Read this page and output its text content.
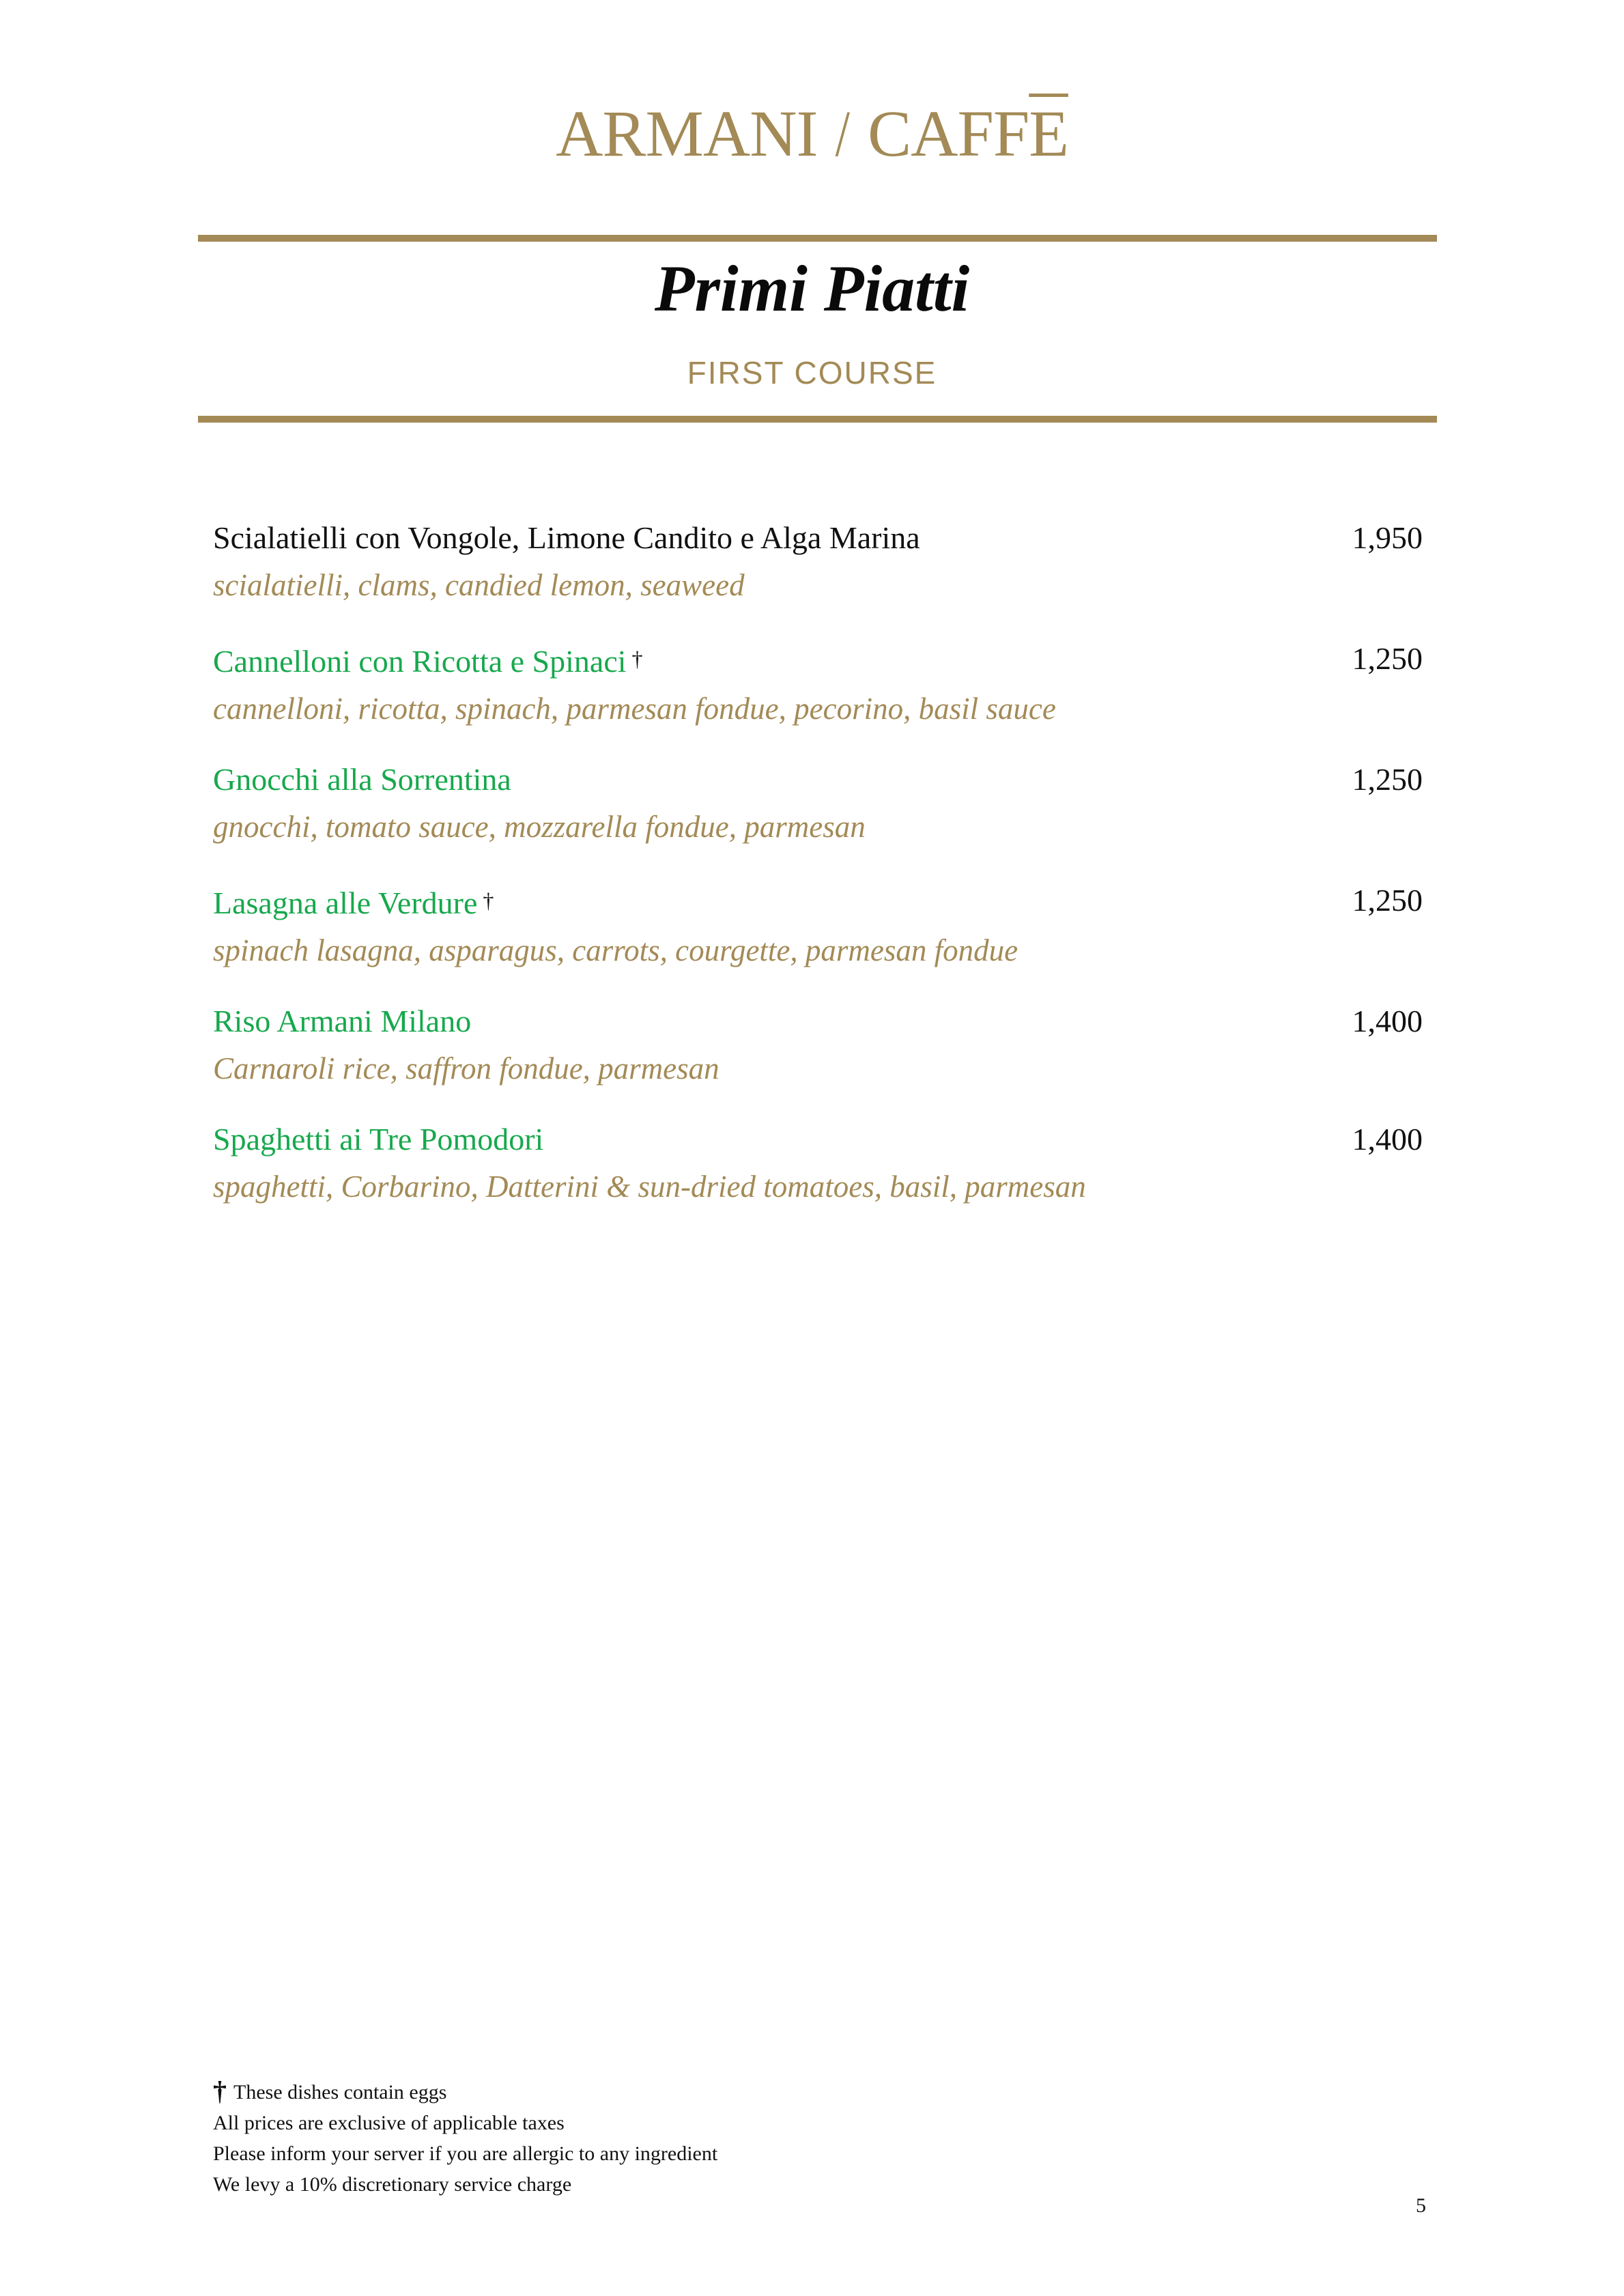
ARMANI / $CAFF\overline{E}$
Primi Piatti
FIRST COURSE
Scialatielli con Vongole, Limone Candito e Alga Marina	1,950
scialatielli, clams, candied lemon, seaweed
Cannelloni con Ricotta e Spinaci †	1,250
cannelloni, ricotta, spinach, parmesan fondue, pecorino, basil sauce
Gnocchi alla Sorrentina	1,250
gnocchi, tomato sauce, mozzarella fondue, parmesan
Lasagna alle Verdure †	1,250
spinach lasagna, asparagus, carrots, courgette, parmesan fondue
Riso Armani Milano	1,400
Carnaroli rice, saffron fondue, parmesan
Spaghetti ai Tre Pomodori	1,400
spaghetti, Corbarino, Datterini & sun-dried tomatoes, basil, parmesan
† These dishes contain eggs
All prices are exclusive of applicable taxes
Please inform your server if you are allergic to any ingredient
We levy a 10% discretionary service charge
5
